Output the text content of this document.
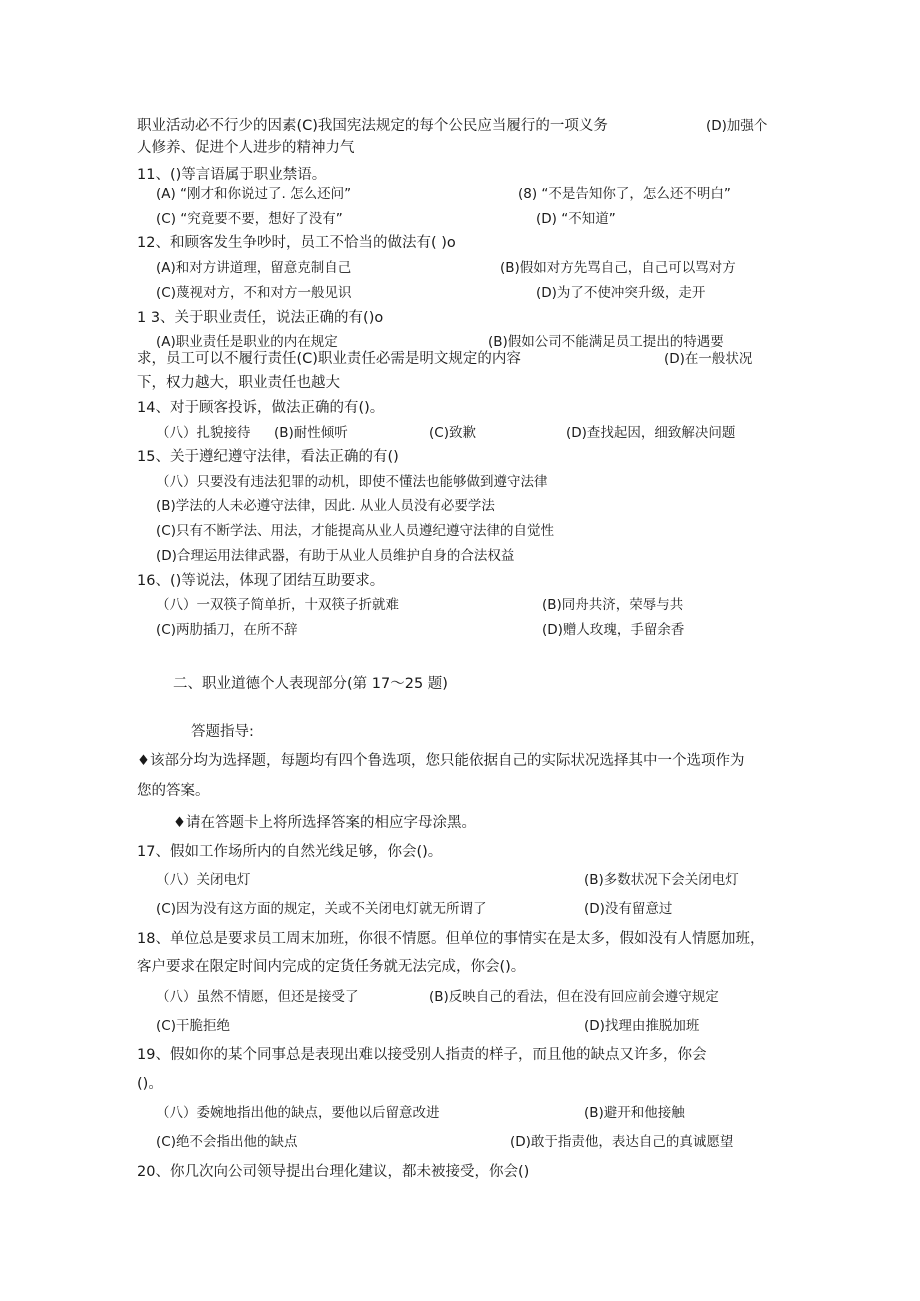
职业活动必不行少的因素(C)我国宪法规定的每个公民应当履行的一项义务	(D)加强个
人修养、促进个人进步的精神力气
11、()等言语属于职业禁语。
(A) “刚才和你说过了. 怎么还问”	(8) “不是告知你了，怎么还不明白”
(C) “究竟要不要，想好了没有”	(D) “不知道”
12、和顾客发生争吵时，员工不恰当的做法有( )o
(A)和对方讲道理，留意克制自己	(B)假如对方先骂自己，自己可以骂对方
(C)蔑视对方，不和对方一般见识	(D)为了不使冲突升级，走开
1 3、关于职业责任，说法正确的有()o
(A)职业责任是职业的内在规定	(B)假如公司不能满足员工提出的特遇要
求，员工可以不履行责任(C)职业责任必需是明文规定的内容	(D)在一般状况
下，权力越大，职业责任也越大
14、对于顾客投诉，做法正确的有()。
（八）扎貌接待 (B)耐性倾听	(C)致歉	(D)查找起因，细致解决问题
15、关于遵纪遵守法律，看法正确的有()
（八）只要没有违法犯罪的动机，即使不懂法也能够做到遵守法律
(B)学法的人未必遵守法律，因此. 从业人员没有必要学法
(C)只有不断学法、用法，才能提高从业人员遵纪遵守法律的自觉性
(D)合理运用法律武器，有助于从业人员维护自身的合法权益
16、()等说法，体现了团结互助要求。
（八）一双筷子简单折，十双筷子折就难	(B)同舟共济，荣辱与共
(C)两肋插刀，在所不辞	(D)赠人玫瑰，手留余香
二、职业道德个人表现部分(第 17～25 题)
答题指导:
♦该部分均为选择题，每题均有四个鲁选项，您只能依据自己的实际状况选择其中一个选项作为
您的答案。
♦请在答题卡上将所选择答案的相应字母涂黑。
17、假如工作场所内的自然光线足够，你会()。
（八）关闭电灯	(B)多数状况下会关闭电灯
(C)因为没有这方面的规定，关或不关闭电灯就无所谓了	(D)没有留意过
18、单位总是要求员工周末加班，你很不情愿。但单位的事情实在是太多，假如没有人情愿加班，
客户要求在限定时间内完成的定货任务就无法完成，你会()。
（八）虽然不情愿，但还是接受了	(B)反映自己的看法，但在没有回应前会遵守规定
(C)干脆拒绝	(D)找理由推脱加班
19、假如你的某个同事总是表现出难以接受别人指责的样子，而且他的缺点又许多，你会
()。
（八）委婉地指出他的缺点，要他以后留意改进	(B)避开和他接触
(C)绝不会指出他的缺点	(D)敢于指责他，表达自己的真诚愿望
20、你几次向公司领导提出台理化建议，都未被接受，你会()
